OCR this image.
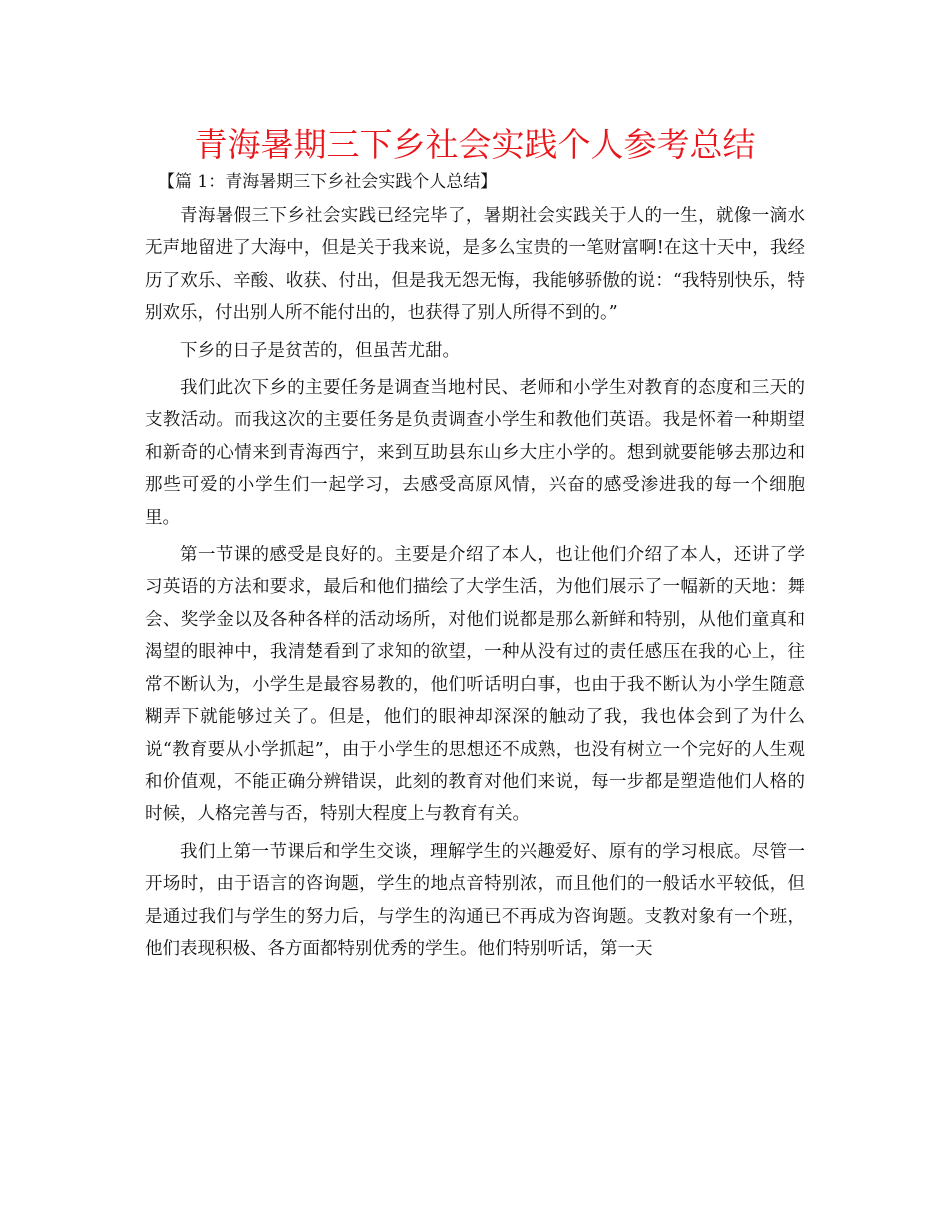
青海暑期三下乡社会实践个人参考总结

【篇 1：青海暑期三下乡社会实践个人总结】

青海暑假三下乡社会实践已经完毕了，暑期社会实践关于人的一生，就像一滴水无声地留进了大海中，但是关于我来说，是多么宝贵的一笔财富啊!在这十天中，我经历了欢乐、辛酸、收获、付出，但是我无怨无悔，我能够骄傲的说：“我特别快乐，特别欢乐，付出别人所不能付出的，也获得了别人所得不到的。”

下乡的日子是贫苦的，但虽苦尤甜。

我们此次下乡的主要任务是调查当地村民、老师和小学生对教育的态度和三天的支教活动。而我这次的主要任务是负责调查小学生和教他们英语。我是怀着一种期望和新奇的心情来到青海西宁，来到互助县东山乡大庄小学的。想到就要能够去那边和那些可爱的小学生们一起学习，去感受高原风情，兴奋的感受渗进我的每一个细胞里。

第一节课的感受是良好的。主要是介绍了本人，也让他们介绍了本人，还讲了学习英语的方法和要求，最后和他们描绘了大学生活，为他们展示了一幅新的天地：舞会、奖学金以及各种各样的活动场所，对他们说都是那么新鲜和特别，从他们童真和渴望的眼神中，我清楚看到了求知的欲望，一种从没有过的责任感压在我的心上，往常不断认为，小学生是最容易教的，他们听话明白事，也由于我不断认为小学生随意糊弄下就能够过关了。但是，他们的眼神却深深的触动了我，我也体会到了为什么说“教育要从小学抓起”，由于小学生的思想还不成熟，也没有树立一个完好的人生观和价值观，不能正确分辨错误，此刻的教育对他们来说，每一步都是塑造他们人格的时候，人格完善与否，特别大程度上与教育有关。

我们上第一节课后和学生交谈，理解学生的兴趣爱好、原有的学习根底。尽管一开场时，由于语言的咨询题，学生的地点音特别浓，而且他们的一般话水平较低，但是通过我们与学生的努力后，与学生的沟通已不再成为咨询题。支教对象有一个班，他们表现积极、各方面都特别优秀的学生。他们特别听话，第一天
